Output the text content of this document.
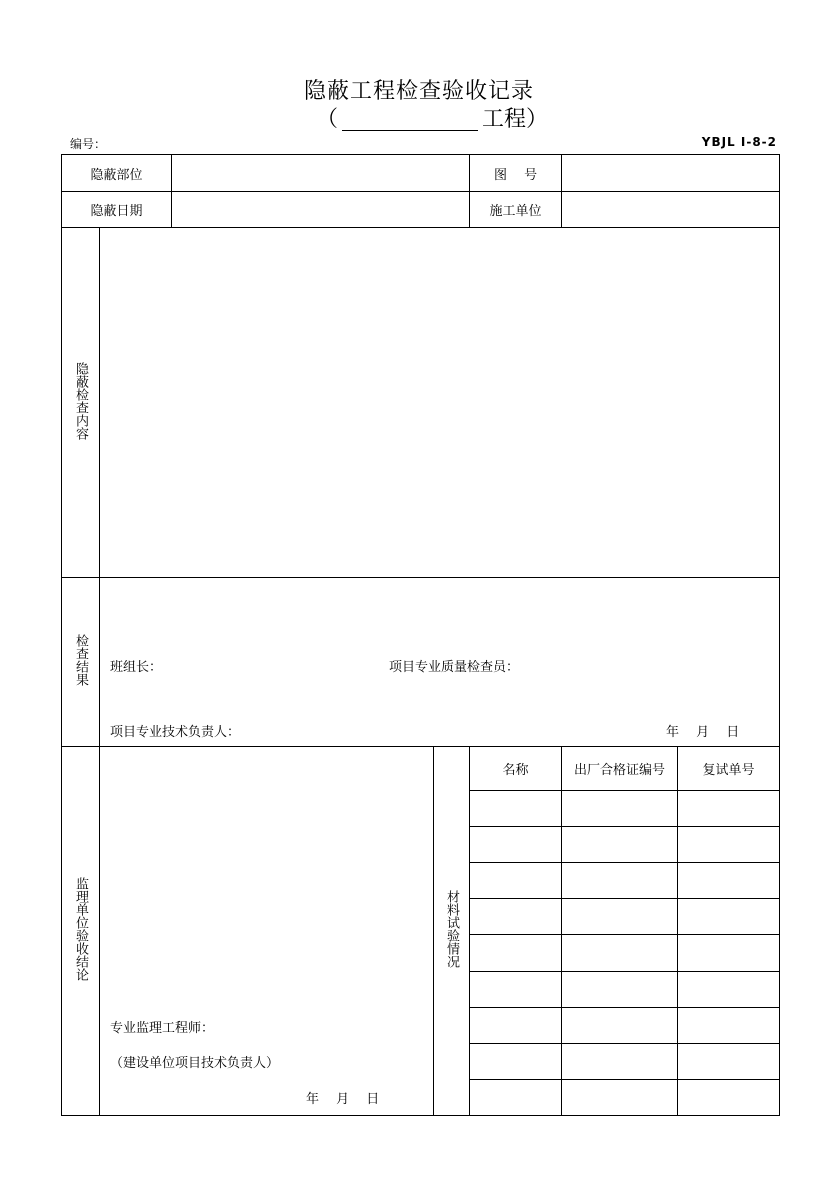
隐蔽工程检查验收记录
（	工程）
编号：	YBJL Ⅰ-8-2
隐蔽部位				图　 号		
隐蔽日期				施工单位		
隐蔽检查内容						
检查结果	班组长： 项目专业质量检查员：
项目专业技术负责人： 年　 月　 日					

监理单位验收结论	专业监理工程师：
（建设单位项目技术负责人）
年　 月　 日		材料试验情况	名称	出厂合格证编号	复试单号
